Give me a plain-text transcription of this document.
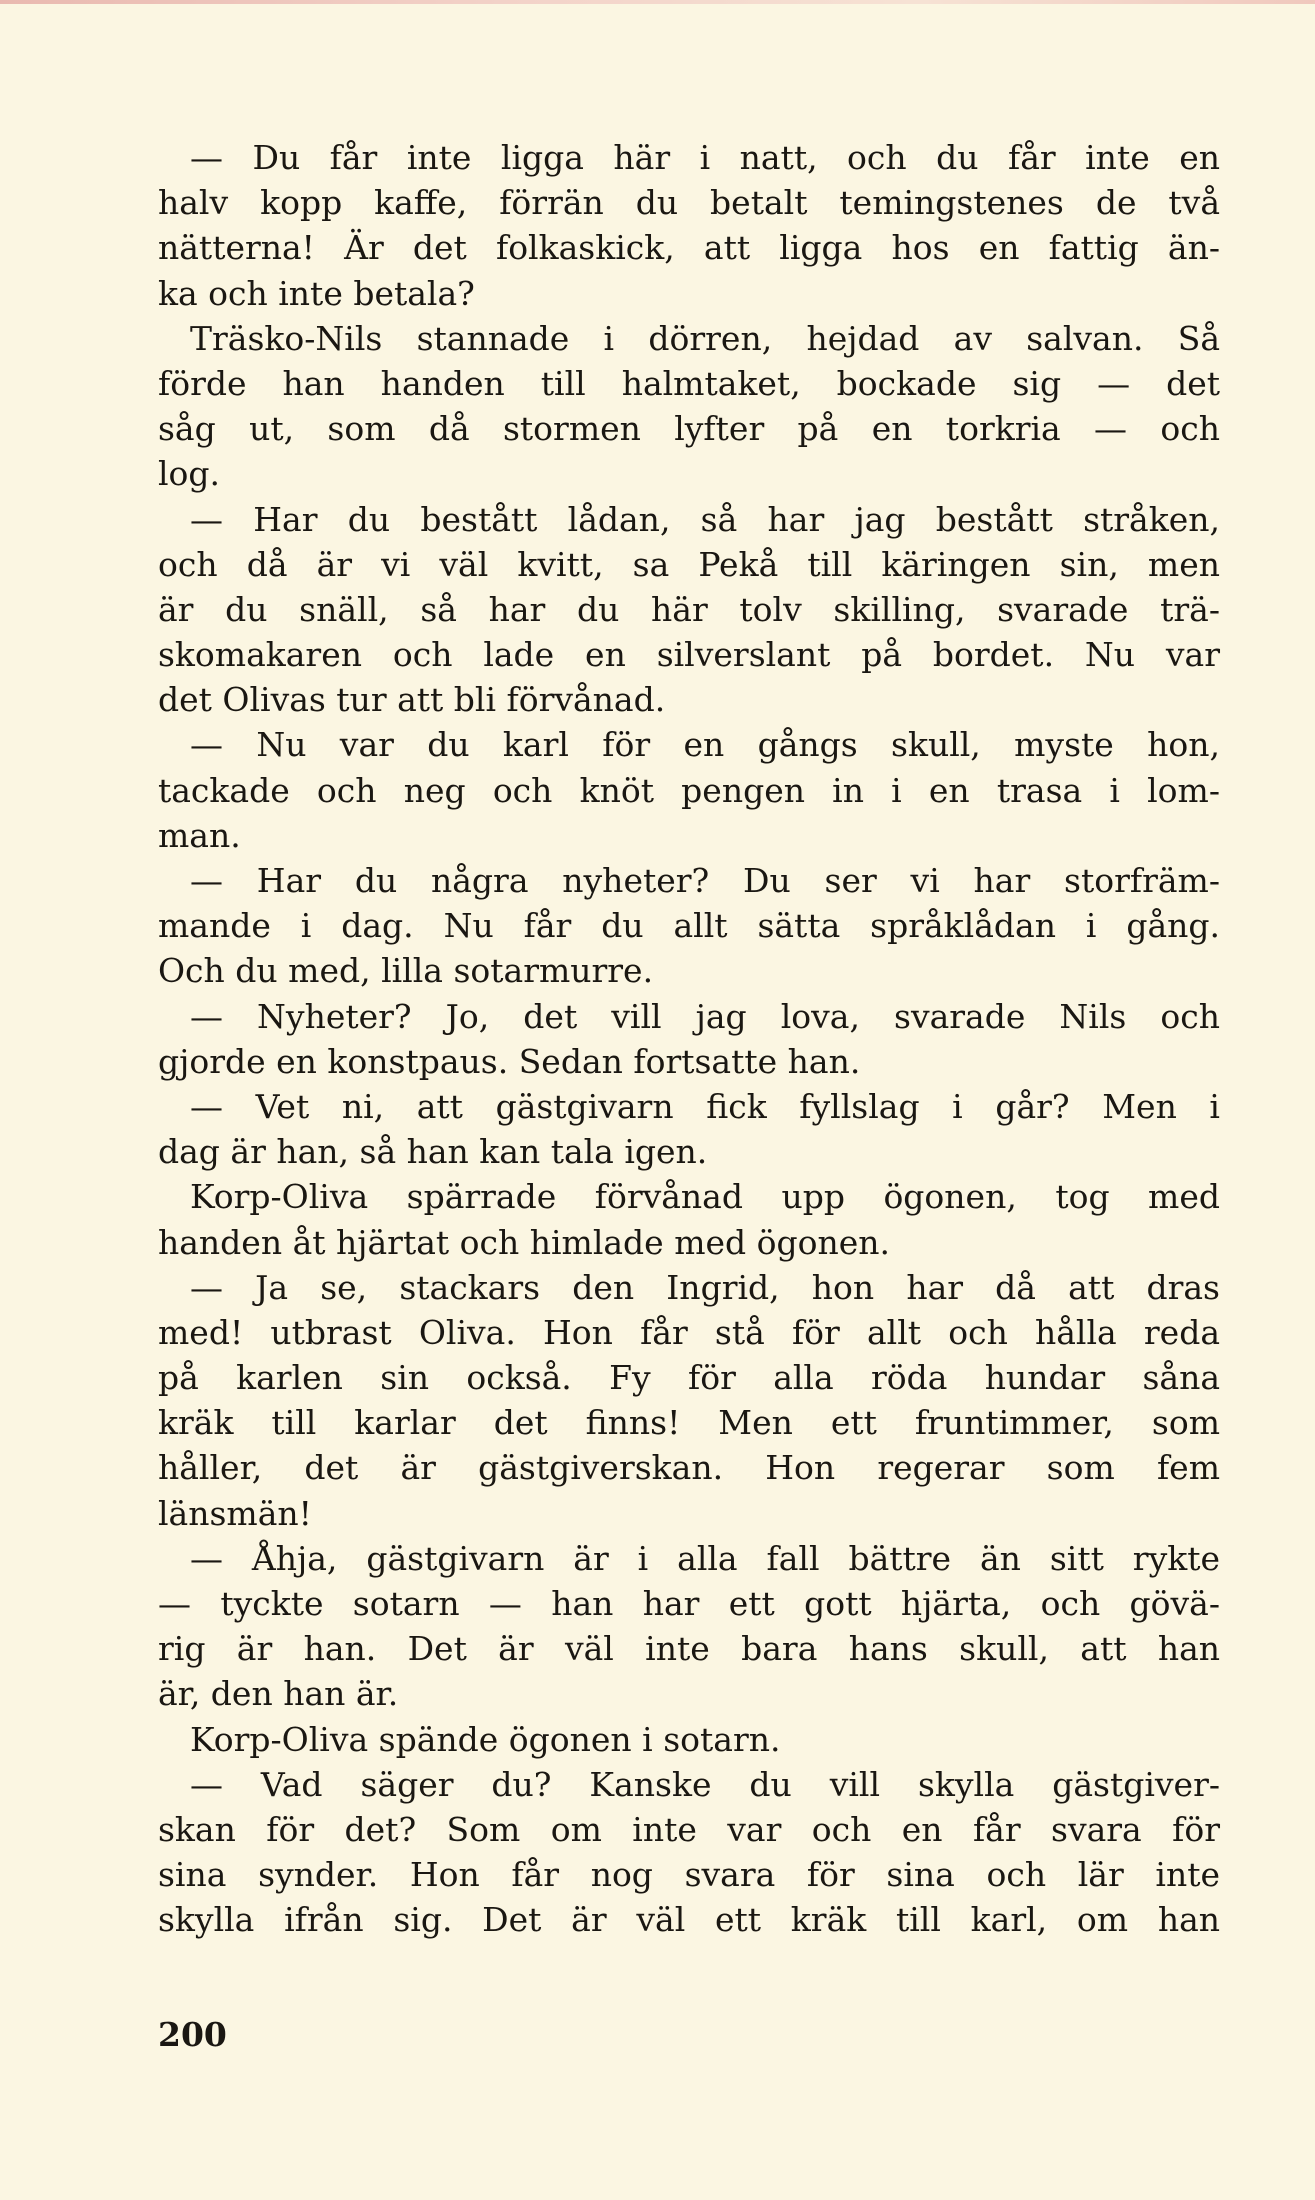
— Du får inte ligga här i natt, och du får inte en
halv kopp kaffe, förrän du betalt temingstenes de två
nätterna! Är det folkaskick, att ligga hos en fattig än-
ka och inte betala?
Träsko-Nils stannade i dörren, hejdad av salvan. Så
förde han handen till halmtaket, bockade sig — det
såg ut, som då stormen lyfter på en torkria — och
log.
— Har du bestått lådan, så har jag bestått stråken,
och då är vi väl kvitt, sa Pekå till käringen sin, men
är du snäll, så har du här tolv skilling, svarade trä-
skomakaren och lade en silverslant på bordet. Nu var
det Olivas tur att bli förvånad.
— Nu var du karl för en gångs skull, myste hon,
tackade och neg och knöt pengen in i en trasa i lom-
man.
— Har du några nyheter? Du ser vi har storfräm-
mande i dag. Nu får du allt sätta språklådan i gång.
Och du med, lilla sotarmurre.
— Nyheter? Jo, det vill jag lova, svarade Nils och
gjorde en konstpaus. Sedan fortsatte han.
— Vet ni, att gästgivarn fick fyllslag i går? Men i
dag är han, så han kan tala igen.
Korp-Oliva spärrade förvånad upp ögonen, tog med
handen åt hjärtat och himlade med ögonen.
— Ja se, stackars den Ingrid, hon har då att dras
med! utbrast Oliva. Hon får stå för allt och hålla reda
på karlen sin också. Fy för alla röda hundar såna
kräk till karlar det finns! Men ett fruntimmer, som
håller, det är gästgiverskan. Hon regerar som fem
länsmän!
— Åhja, gästgivarn är i alla fall bättre än sitt rykte
— tyckte sotarn — han har ett gott hjärta, och gövä-
rig är han. Det är väl inte bara hans skull, att han
är, den han är.
Korp-Oliva spände ögonen i sotarn.
— Vad säger du? Kanske du vill skylla gästgiver-
skan för det? Som om inte var och en får svara för
sina synder. Hon får nog svara för sina och lär inte
skylla ifrån sig. Det är väl ett kräk till karl, om han
200
